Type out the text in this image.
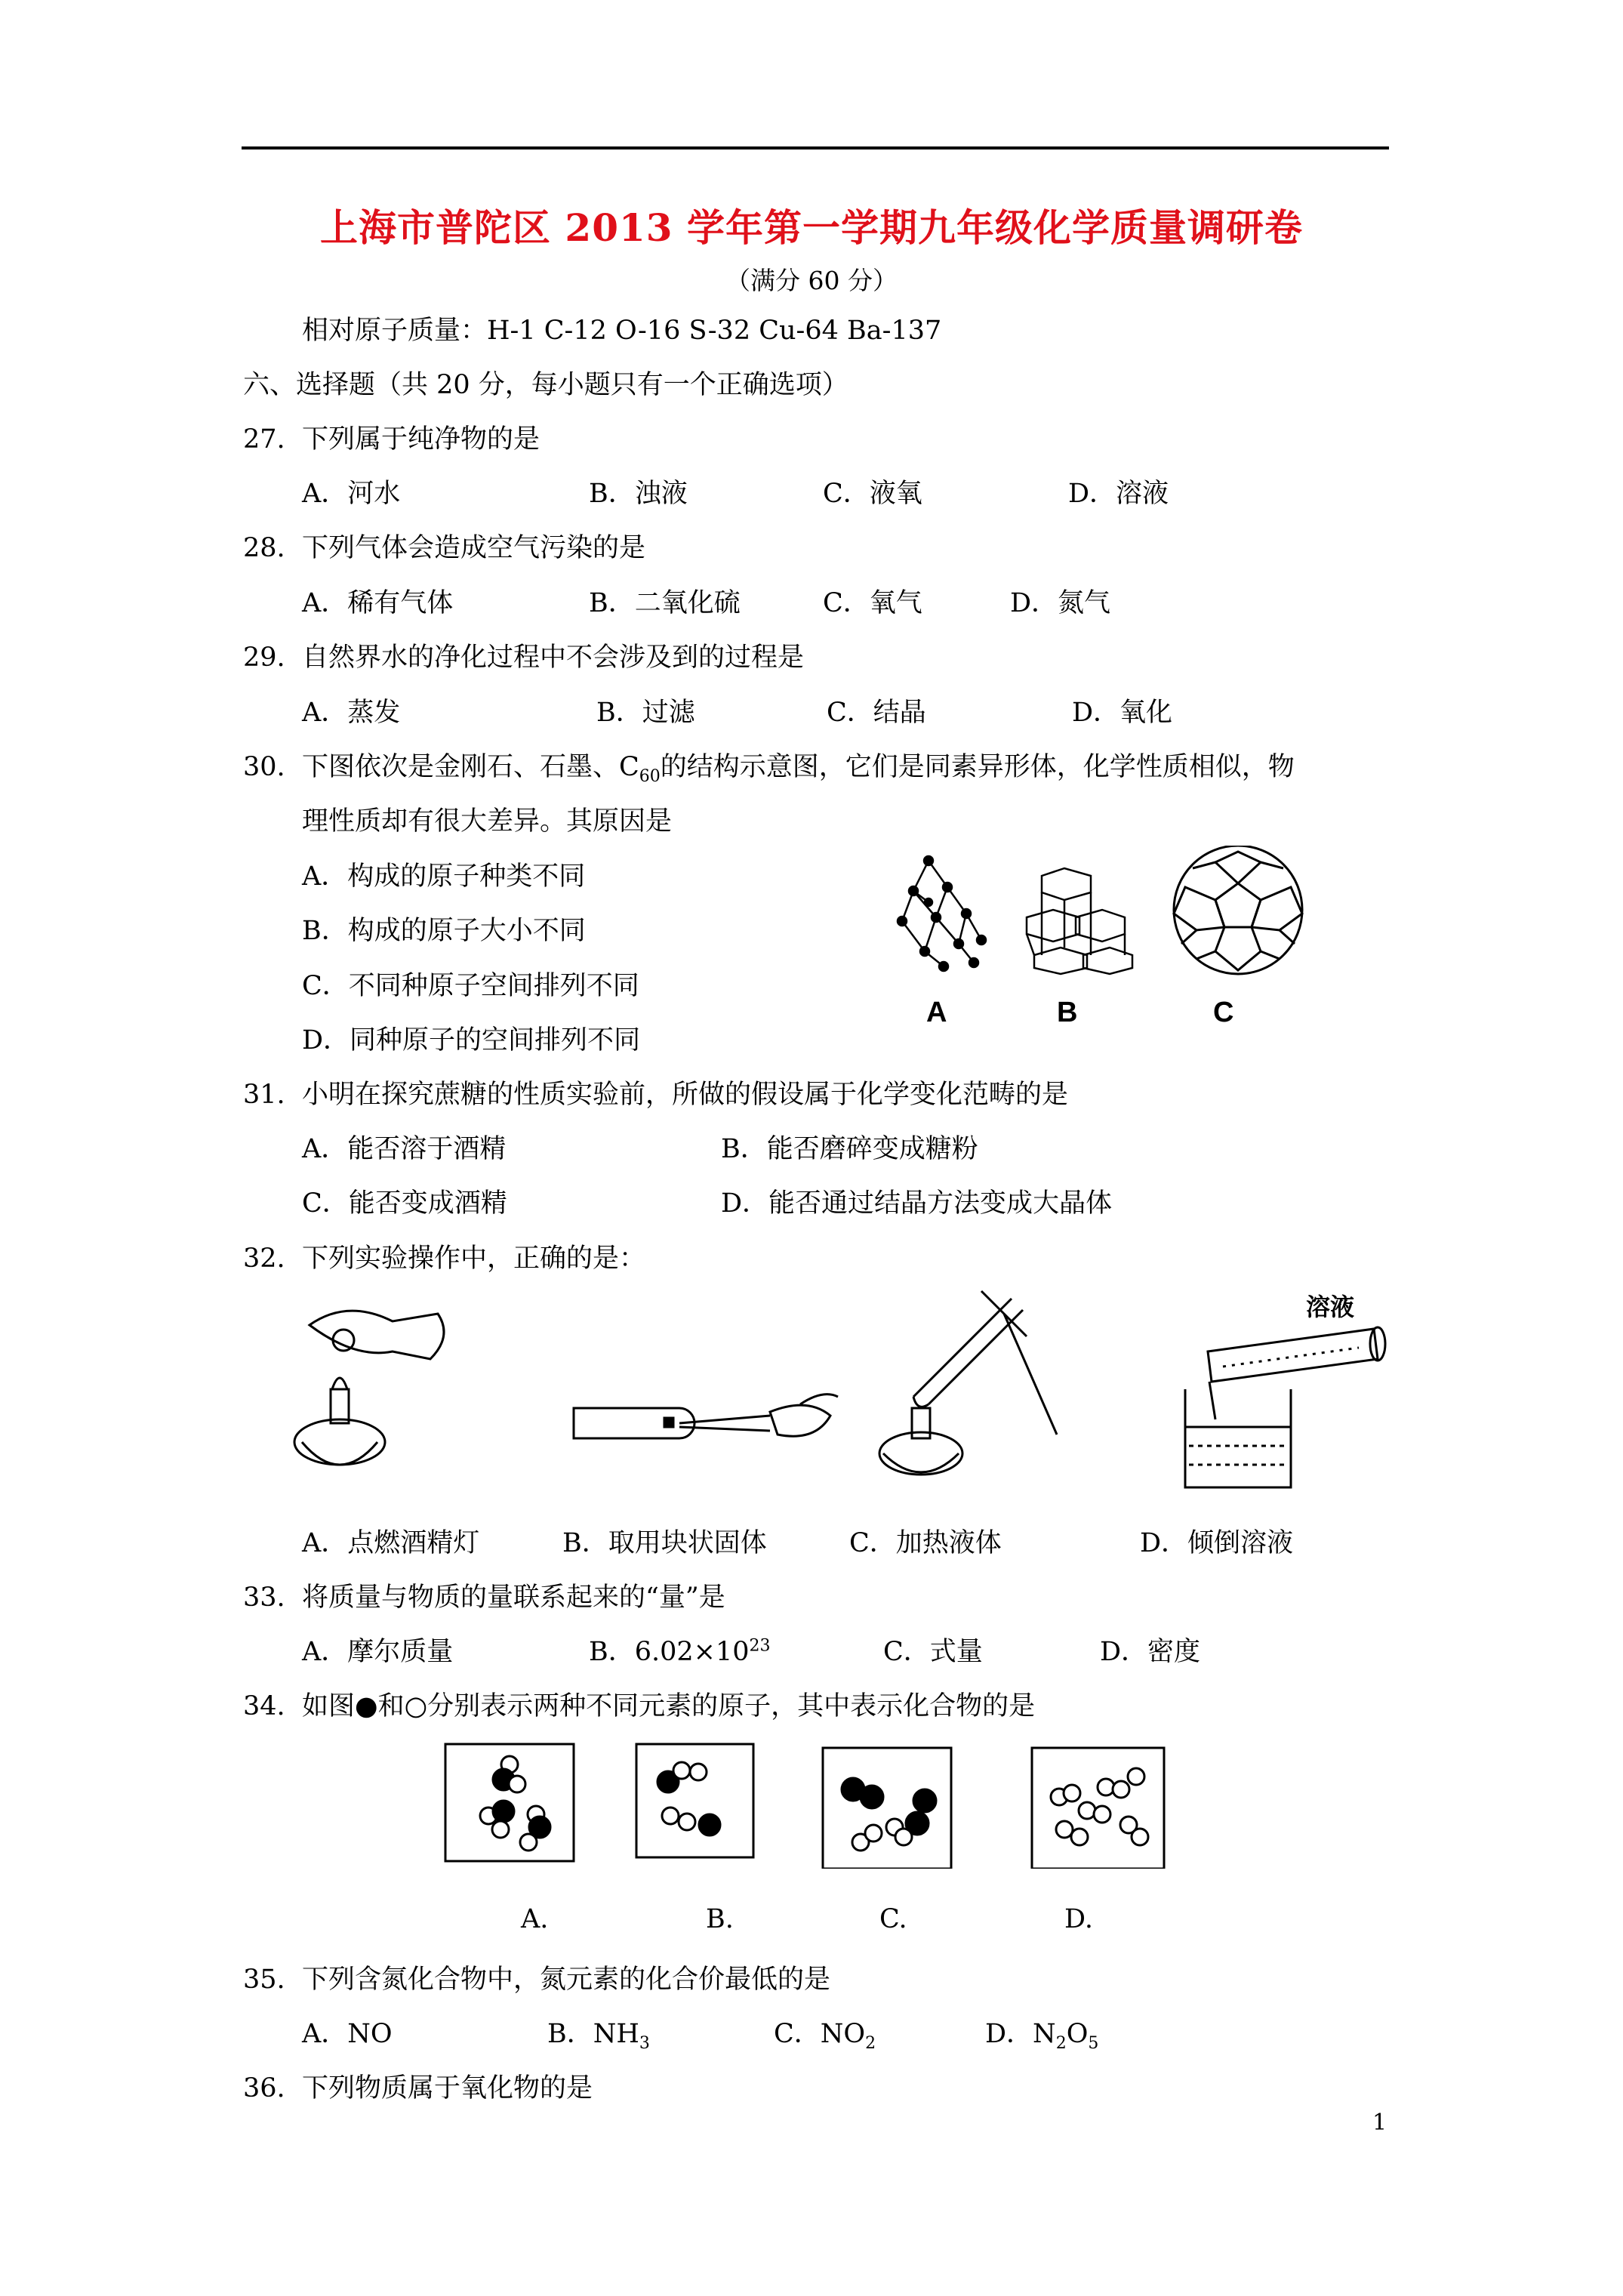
上海市普陀区 2013 学年第一学期九年级化学质量调研卷
（满分 60 分）
相对原子质量：H-1 C-12 O-16 S-32 Cu-64 Ba-137
六、选择题（共 20 分，每小题只有一个正确选项）
27. 下列属于纯净物的是
A．河水	B．浊液	C．液氧	D．溶液
28. 下列气体会造成空气污染的是
A．稀有气体	B．二氧化硫	C．氧气	D．氮气
29. 自然界水的净化过程中不会涉及到的过程是
A．蒸发	B．过滤	C．结晶	D．氧化
30. 下图依次是金刚石、石墨、$C_{60}$的结构示意图，它们是同素异形体，化学性质相似，物
理性质却有很大差异。其原因是
A．构成的原子种类不同
B．构成的原子大小不同
C．不同种原子空间排列不同
D．同种原子的空间排列不同
A	B	C
31. 小明在探究蔗糖的性质实验前，所做的假设属于化学变化范畴的是
A．能否溶于酒精	B．能否磨碎变成糖粉
C．能否变成酒精	D．能否通过结晶方法变成大晶体
32. 下列实验操作中，正确的是：
溶液
A．点燃酒精灯	B．取用块状固体	C．加热液体	D．倾倒溶液
33. 将质量与物质的量联系起来的“量”是
A．摩尔质量	B．$6.02\times 10^{23}$	C．式量	D．密度
34. 如图●和○分别表示两种不同元素的原子，其中表示化合物的是
A.	B.	C.	D.
35. 下列含氮化合物中，氮元素的化合价最低的是
A．NO	B．$NH_3$	C．$NO_2$	D．$N_2O_5$
36. 下列物质属于氧化物的是
1
